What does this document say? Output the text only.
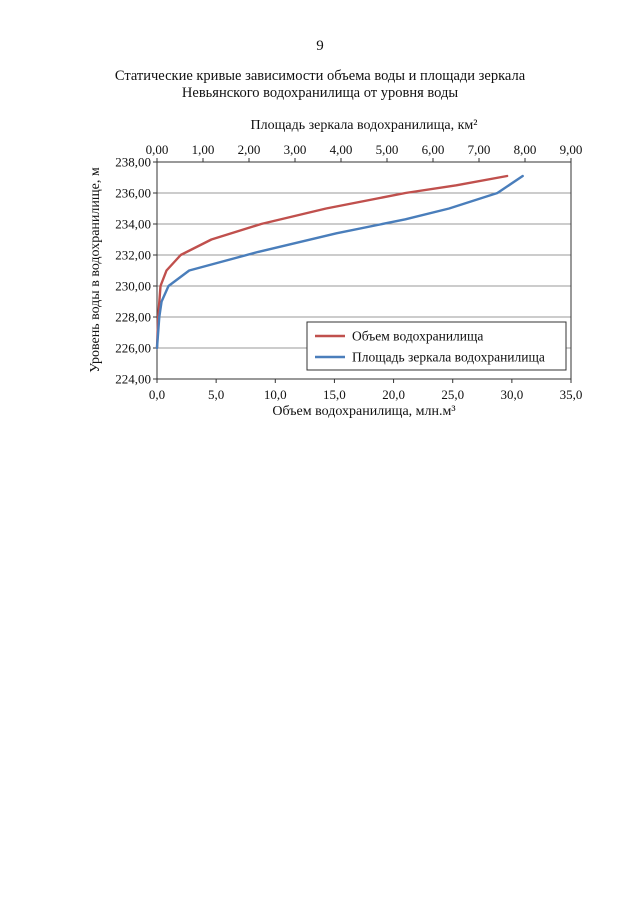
9
Статические кривые зависимости объема воды и площади зеркала
Невьянского водохранилища от уровня воды
Площадь зеркала водохранилища, км²
Объем водохранилища, млн.м³
Уровень воды в водохранилище, м
224,00
226,00
228,00
230,00
232,00
234,00
236,00
238,00
0,0	5,0	10,0	15,0	20,0	25,0	30,0	35,0
0,00 1,00 2,00 3,00 4,00 5,00 6,00 7,00 8,00 9,00
Объем водохранилища
Площадь зеркала водохранилища
